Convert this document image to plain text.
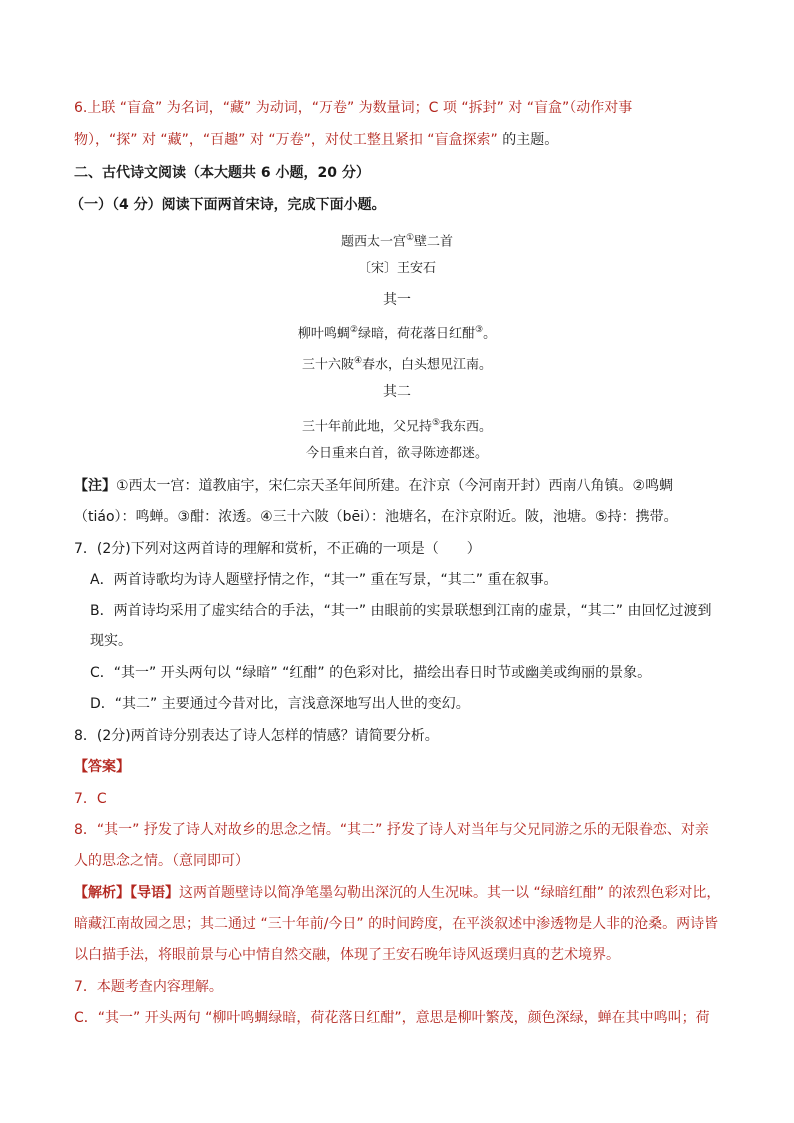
6.上联 “盲盒” 为名词，“藏” 为动词，“万卷” 为数量词；C 项 “拆封” 对 “盲盒”（动作对事
物），“探” 对 “藏”，“百趣” 对 “万卷”，对仗工整且紧扣 “盲盒探索” 的主题。
二、古代诗文阅读（本大题共 6 小题，20 分）
（一）（4 分）阅读下面两首宋诗，完成下面小题。
题西太一宫①壁二首
〔宋〕王安石
其一
柳叶鸣蜩②绿暗，荷花落日红酣③。
三十六陂④春水，白头想见江南。
其二
三十年前此地，父兄持⑤我东西。
今日重来白首，欲寻陈迹都迷。
【注】①西太一宫：道教庙宇，宋仁宗天圣年间所建。在汴京（今河南开封）西南八角镇。②鸣蜩
（tiáo）：鸣蝉。③酣：浓透。④三十六陂（bēi）：池塘名，在汴京附近。陂，池塘。⑤持：携带。
7．(2分)下列对这两首诗的理解和赏析，不正确的一项是（　　）
A．两首诗歌均为诗人题壁抒情之作，“其一” 重在写景，“其二” 重在叙事。
B．两首诗均采用了虚实结合的手法，“其一” 由眼前的实景联想到江南的虚景，“其二” 由回忆过渡到
现实。
C．“其一” 开头两句以 “绿暗” “红酣” 的色彩对比，描绘出春日时节或幽美或绚丽的景象。
D．“其二” 主要通过今昔对比，言浅意深地写出人世的变幻。
8．(2分)两首诗分别表达了诗人怎样的情感？请简要分析。
【答案】
7．C
8．“其一” 抒发了诗人对故乡的思念之情。“其二” 抒发了诗人对当年与父兄同游之乐的无限眷恋、对亲
人的思念之情。（意同即可）
【解析】【导语】这两首题壁诗以简净笔墨勾勒出深沉的人生况味。其一以 “绿暗红酣” 的浓烈色彩对比，
暗藏江南故园之思；其二通过 “三十年前/今日” 的时间跨度，在平淡叙述中渗透物是人非的沧桑。两诗皆
以白描手法，将眼前景与心中情自然交融，体现了王安石晚年诗风返璞归真的艺术境界。
7．本题考查内容理解。
C．“其一” 开头两句 “柳叶鸣蜩绿暗，荷花落日红酣”，意思是柳叶繁茂，颜色深绿，蝉在其中鸣叫；荷
